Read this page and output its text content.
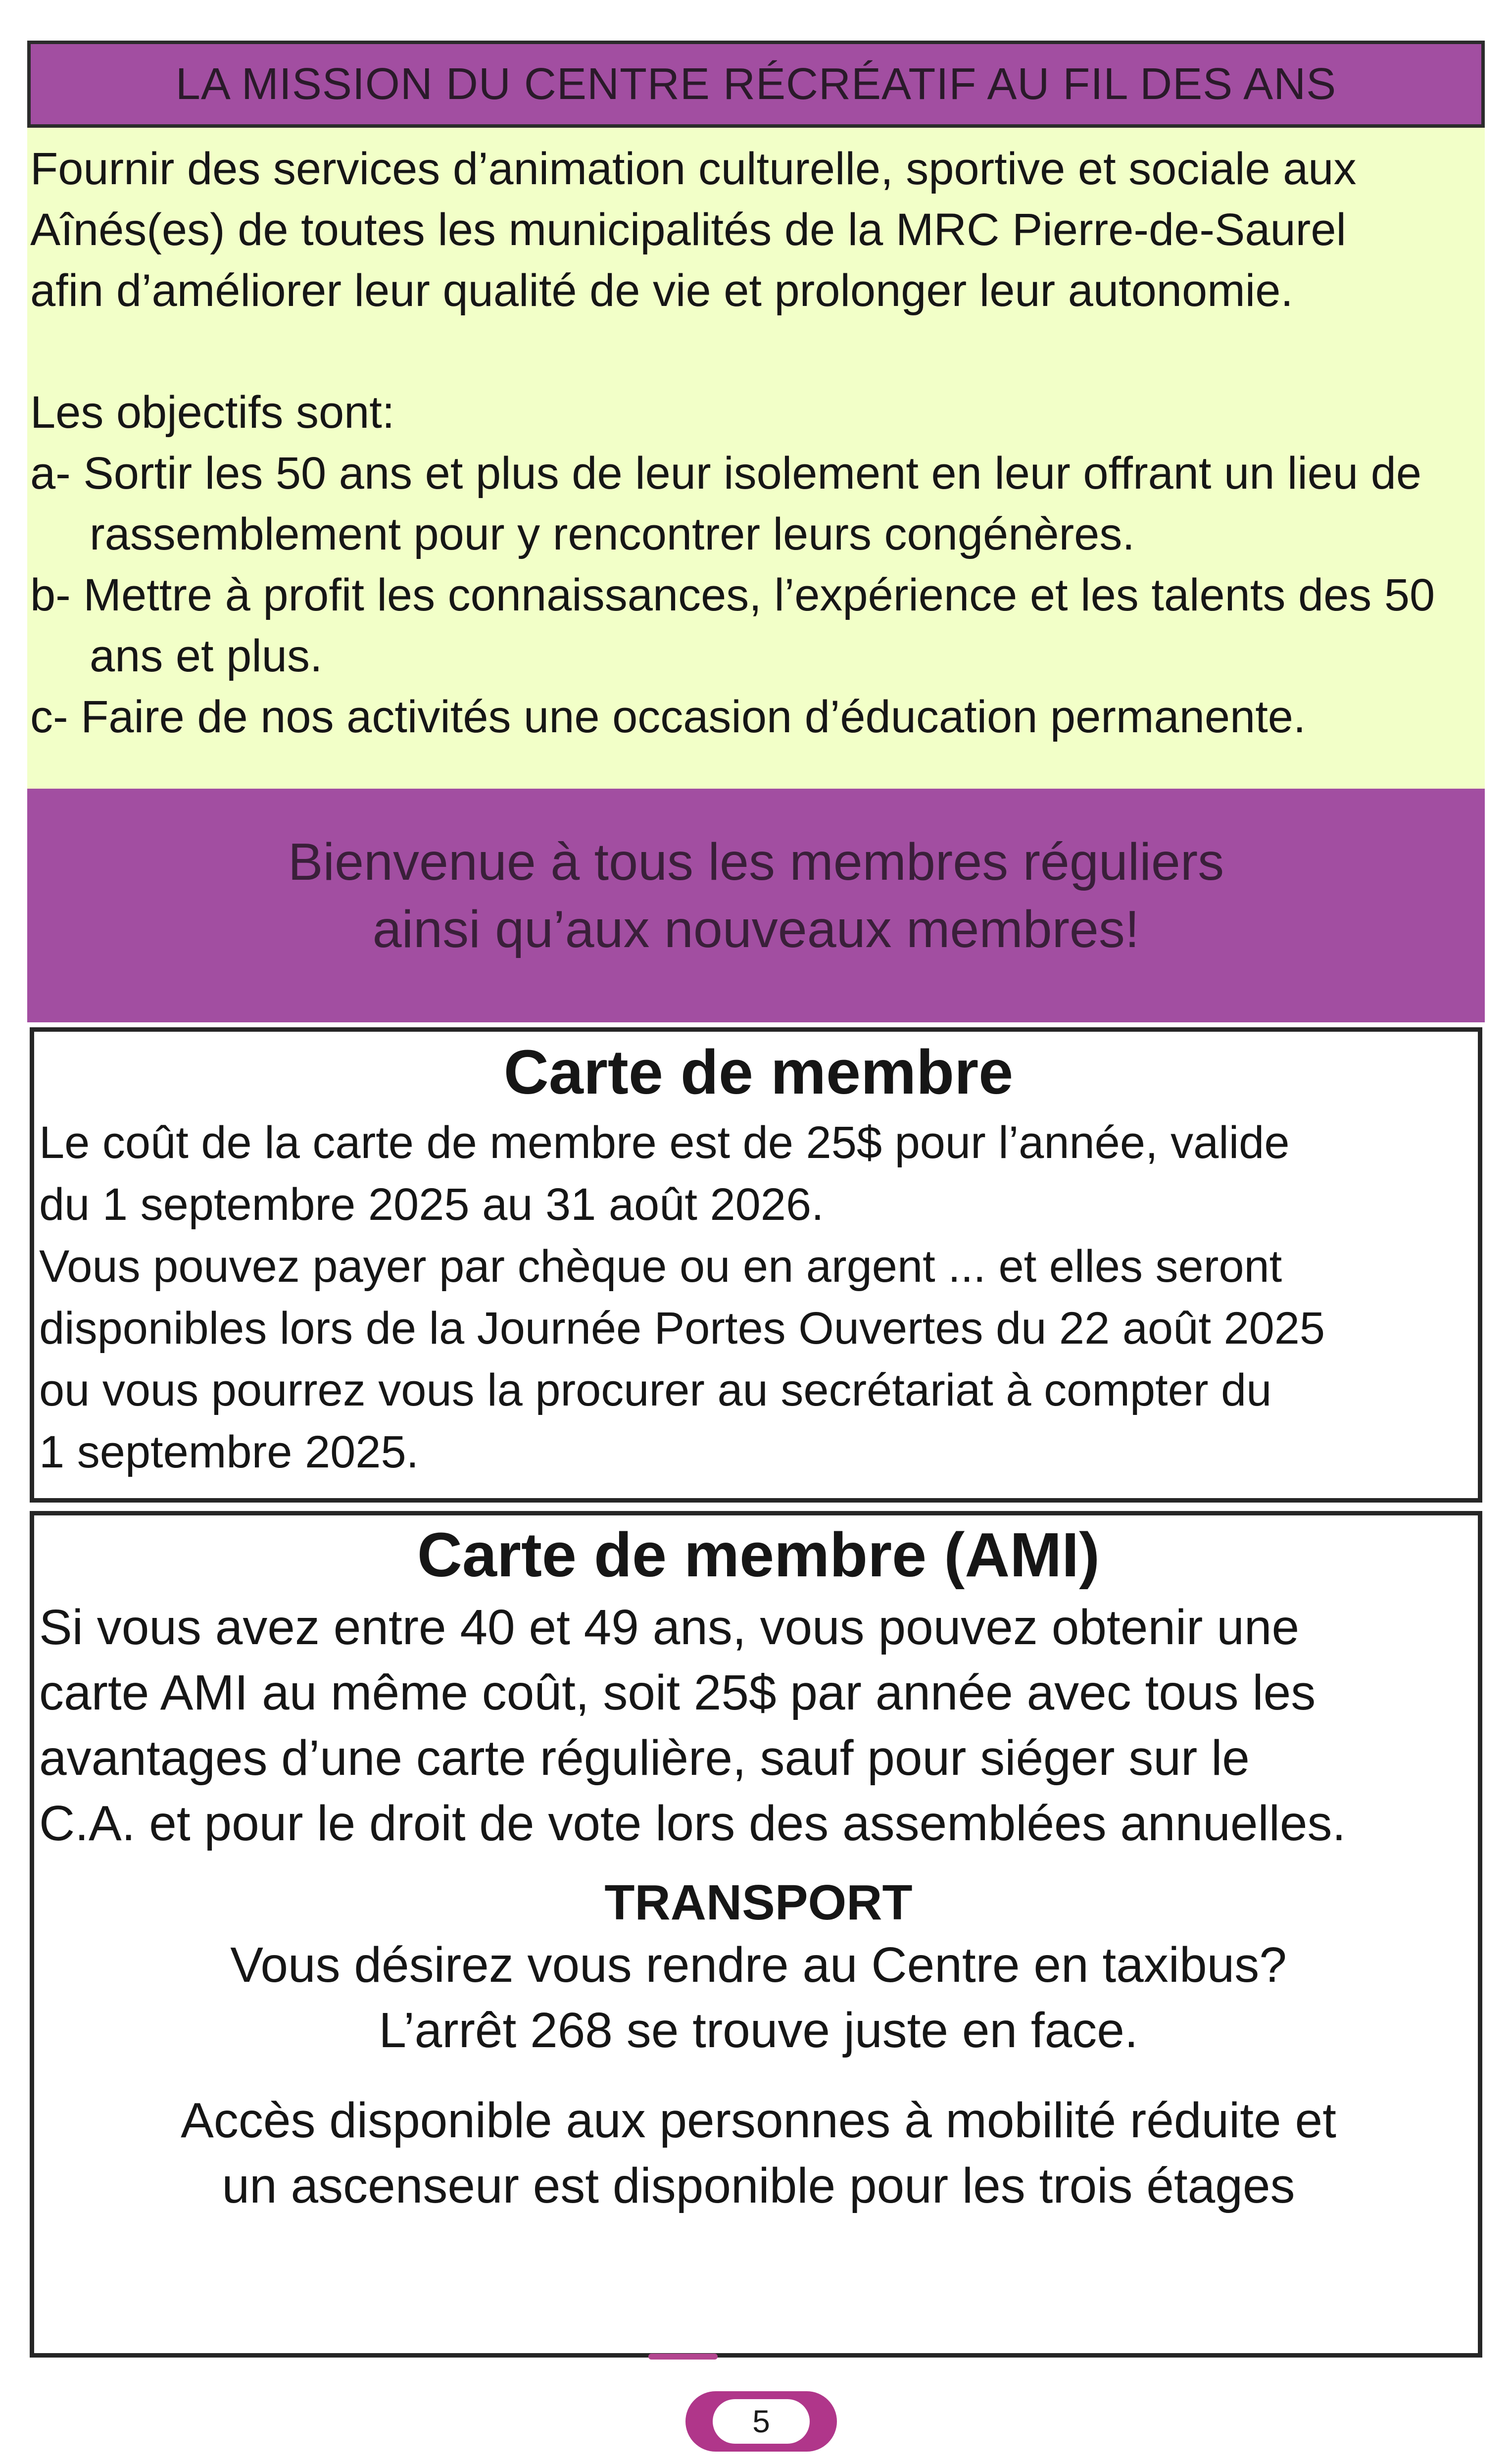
LA MISSION DU CENTRE RÉCRÉATIF AU FIL DES ANS

Fournir des services d’animation culturelle, sportive et sociale aux

Aînés(es) de toutes les municipalités de la MRC Pierre-de-Saurel

afin d’améliorer leur qualité de vie et prolonger leur autonomie.

Les objectifs sont:

a- Sortir les 50 ans et plus de leur isolement en leur offrant un lieu de rassemblement pour y rencontrer leurs congénères.

b- Mettre à profit les connaissances, l’expérience et les talents des 50 ans et plus.

c- Faire de nos activités une occasion d’éducation permanente.

Bienvenue à tous les membres réguliers
ainsi qu’aux nouveaux membres!
Carte de membre

Le coût de la carte de membre est de 25$ pour l’année, valide

du 1 septembre 2025 au 31 août 2026.

Vous pouvez payer par chèque ou en argent ... et elles seront

disponibles lors de la Journée Portes Ouvertes du 22 août 2025

ou vous pourrez vous la procurer au secrétariat à compter du

1 septembre 2025.

Carte de membre (AMI)

Si vous avez entre 40 et 49 ans, vous pouvez obtenir une

carte AMI au même coût, soit 25$ par année avec tous les

avantages d’une carte régulière, sauf pour siéger sur le

C.A. et pour le droit de vote lors des assemblées annuelles.

TRANSPORT

Vous désirez vous rendre au Centre en taxibus?

L’arrêt 268 se trouve juste en face.

Accès disponible aux personnes à mobilité réduite et

un ascenseur est disponible pour les trois étages

5
